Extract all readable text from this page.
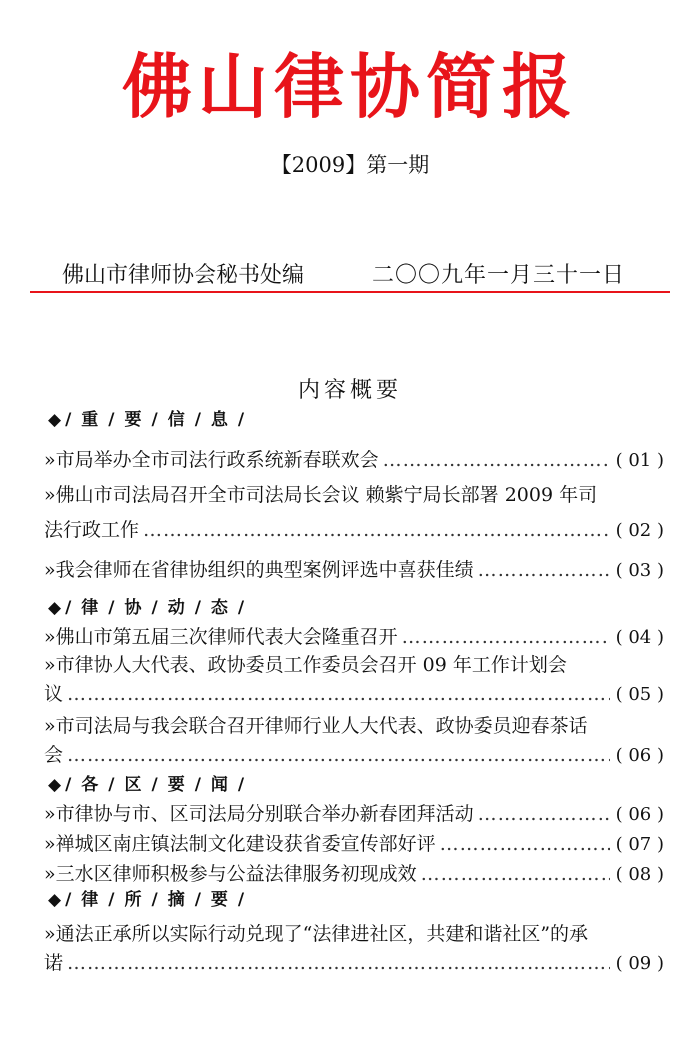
佛山律协简报
【2009】第一期
佛山市律师协会秘书处编	二〇〇九年一月三十一日
内容概要
◆ /重/要/信/息/
»市局举办全市司法行政系统新春联欢会 ……………………………………………………………………………………………………………………………………	( 01 )
»佛山市司法局召开全市司法局长会议 赖紫宁局长部署 2009 年司
法行政工作 ……………………………………………………………………………………………………………………………………	( 02 )
»我会律师在省律协组织的典型案例评选中喜获佳绩 ……………………………………………………………………………………………………………………………………	( 03 )
◆ /律/协/动/态/
»佛山市第五届三次律师代表大会隆重召开 ……………………………………………………………………………………………………………………………………	( 04 )
»市律协人大代表、政协委员工作委员会召开 09 年工作计划会
议 ……………………………………………………………………………………………………………………………………	( 05 )
»市司法局与我会联合召开律师行业人大代表、政协委员迎春茶话
会 ……………………………………………………………………………………………………………………………………	( 06 )
◆ /各/区/要/闻/
»市律协与市、区司法局分别联合举办新春团拜活动 ……………………………………………………………………………………………………………………………………	( 06 )
»禅城区南庄镇法制文化建设获省委宣传部好评 ……………………………………………………………………………………………………………………………………	( 07 )
»三水区律师积极参与公益法律服务初现成效 ……………………………………………………………………………………………………………………………………	( 08 )
◆ /律/所/摘/要/
»通法正承所以实际行动兑现了“法律进社区，共建和谐社区”的承
诺 ……………………………………………………………………………………………………………………………………	( 09 )
